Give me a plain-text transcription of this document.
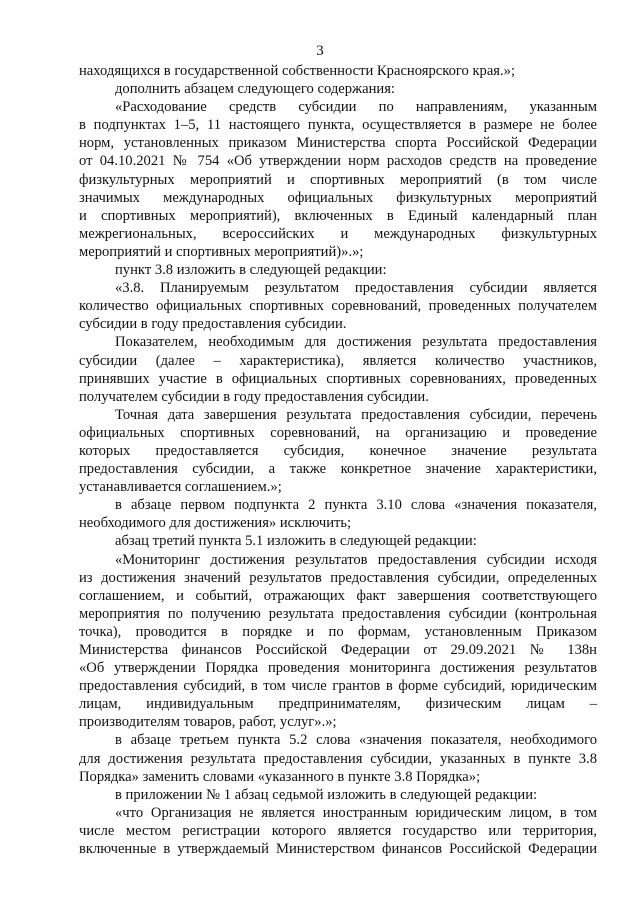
3
находящихся в государственной собственности Красноярского края.»;
дополнить абзацем следующего содержания:
«Расходование средств субсидии по направлениям, указанным
в подпунктах 1–5, 11 настоящего пункта, осуществляется в размере не более
норм, установленных приказом Министерства спорта Российской Федерации
от 04.10.2021 № 754 «Об утверждении норм расходов средств на проведение
физкультурных мероприятий и спортивных мероприятий (в том числе
значимых международных официальных физкультурных мероприятий
и спортивных мероприятий), включенных в Единый календарный план
межрегиональных, всероссийских и международных физкультурных
мероприятий и спортивных мероприятий)».»;
пункт 3.8 изложить в следующей редакции:
«3.8. Планируемым результатом предоставления субсидии является
количество официальных спортивных соревнований, проведенных получателем
субсидии в году предоставления субсидии.
Показателем, необходимым для достижения результата предоставления
субсидии (далее – характеристика), является количество участников,
принявших участие в официальных спортивных соревнованиях, проведенных
получателем субсидии в году предоставления субсидии.
Точная дата завершения результата предоставления субсидии, перечень
официальных спортивных соревнований, на организацию и проведение
которых предоставляется субсидия, конечное значение результата
предоставления субсидии, а также конкретное значение характеристики,
устанавливается соглашением.»;
в абзаце первом подпункта 2 пункта 3.10 слова «значения показателя,
необходимого для достижения» исключить;
абзац третий пункта 5.1 изложить в следующей редакции:
«Мониторинг достижения результатов предоставления субсидии исходя
из достижения значений результатов предоставления субсидии, определенных
соглашением, и событий, отражающих факт завершения соответствующего
мероприятия по получению результата предоставления субсидии (контрольная
точка), проводится в порядке и по формам, установленным Приказом
Министерства финансов Российской Федерации от 29.09.2021 № 138н
«Об утверждении Порядка проведения мониторинга достижения результатов
предоставления субсидий, в том числе грантов в форме субсидий, юридическим
лицам, индивидуальным предпринимателям, физическим лицам –
производителям товаров, работ, услуг».»;
в абзаце третьем пункта 5.2 слова «значения показателя, необходимого
для достижения результата предоставления субсидии, указанных в пункте 3.8
Порядка» заменить словами «указанного в пункте 3.8 Порядка»;
в приложении № 1 абзац седьмой изложить в следующей редакции:
«что Организация не является иностранным юридическим лицом, в том
числе местом регистрации которого является государство или территория,
включенные в утверждаемый Министерством финансов Российской Федерации
